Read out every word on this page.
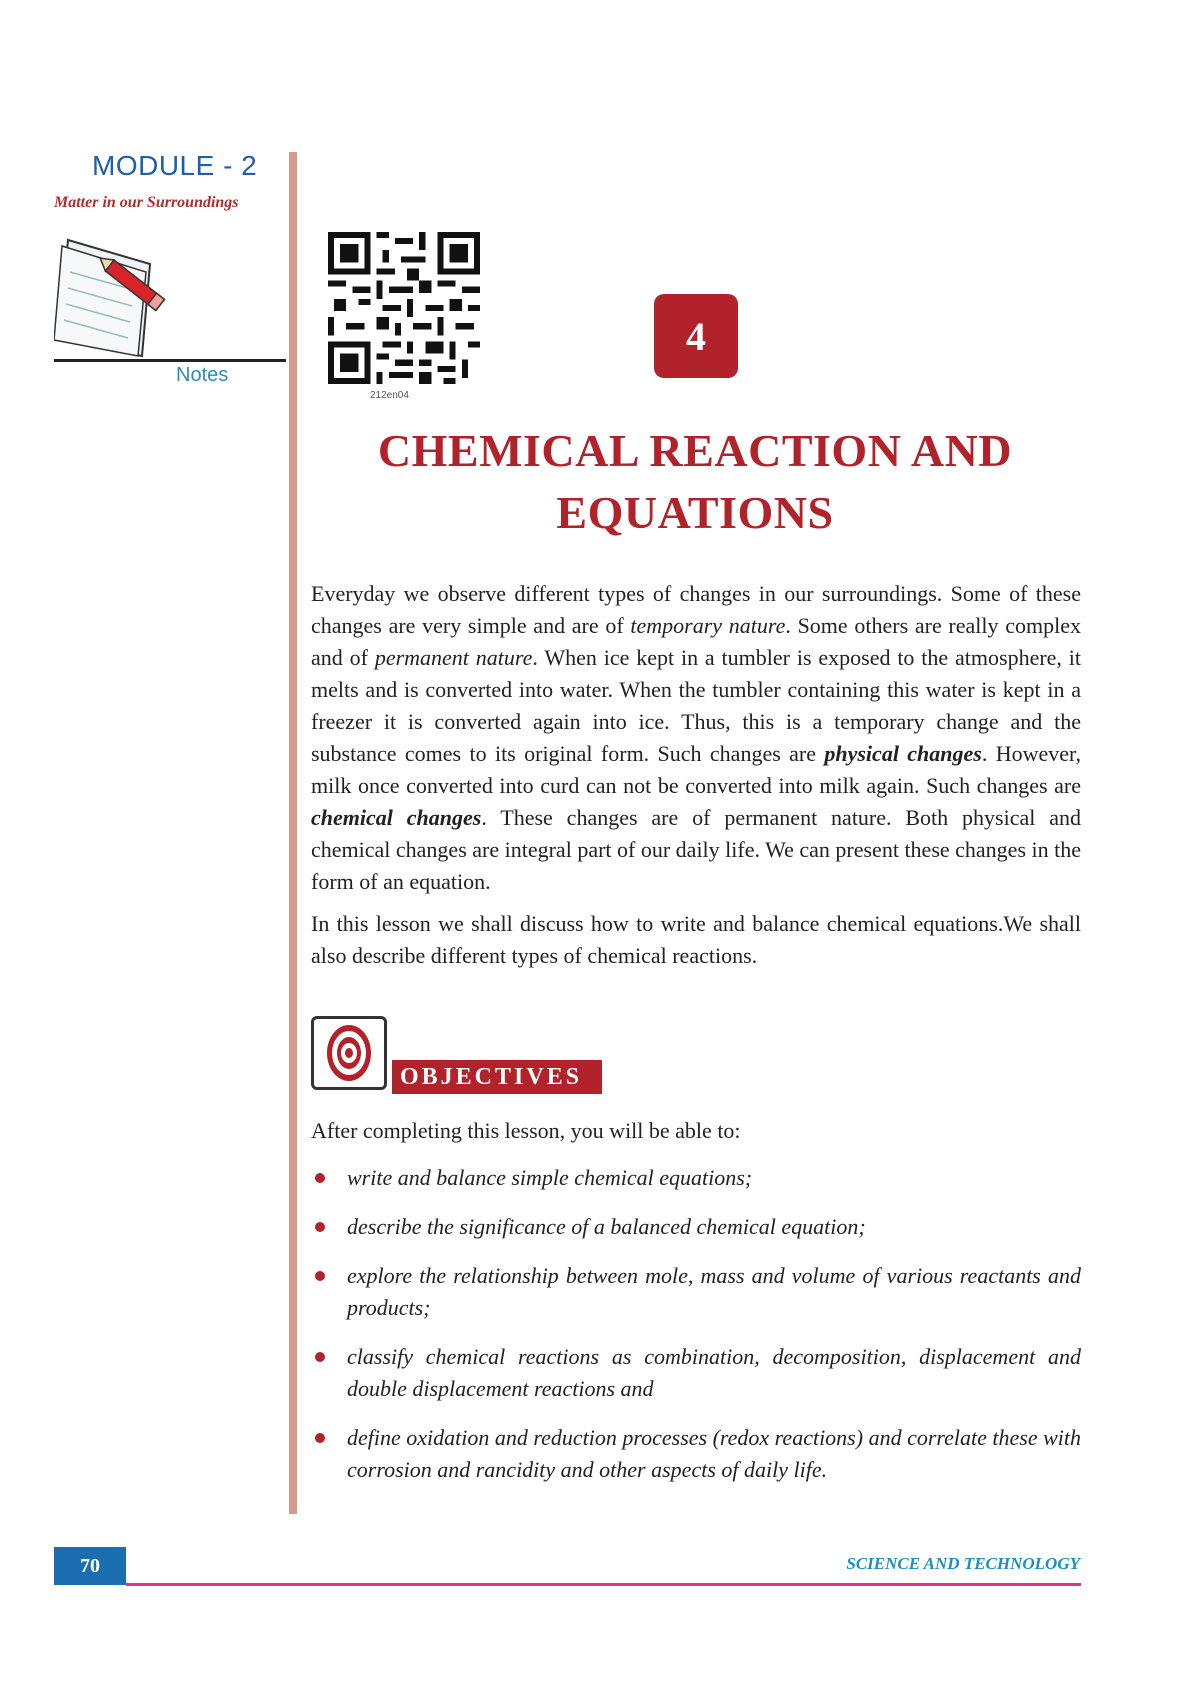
MODULE - 2
Matter in our Surroundings
Notes
212en04
4
CHEMICAL REACTION AND
EQUATIONS

Everyday we observe different types of changes in our surroundings. Some of these changes are very simple and are of temporary nature. Some others are really complex and of permanent nature. When ice kept in a tumbler is exposed to the atmosphere, it melts and is converted into water. When the tumbler containing this water is kept in a freezer it is converted again into ice. Thus, this is a temporary change and the substance comes to its original form. Such changes are physical changes. However, milk once converted into curd can not be converted into milk again. Such changes are chemical changes. These changes are of permanent nature. Both physical and chemical changes are integral part of our daily life. We can present these changes in the form of an equation.

In this lesson we shall discuss how to write and balance chemical equations.We shall also describe different types of chemical reactions.

OBJECTIVES
After completing this lesson, you will be able to:
write and balance simple chemical equations;
describe the significance of a balanced chemical equation;
explore the relationship between mole, mass and volume of various reactants and products;
classify chemical reactions as combination, decomposition, displacement and double displacement reactions and
define oxidation and reduction processes (redox reactions) and correlate these with corrosion and rancidity and other aspects of daily life.
70	SCIENCE AND TECHNOLOGY
